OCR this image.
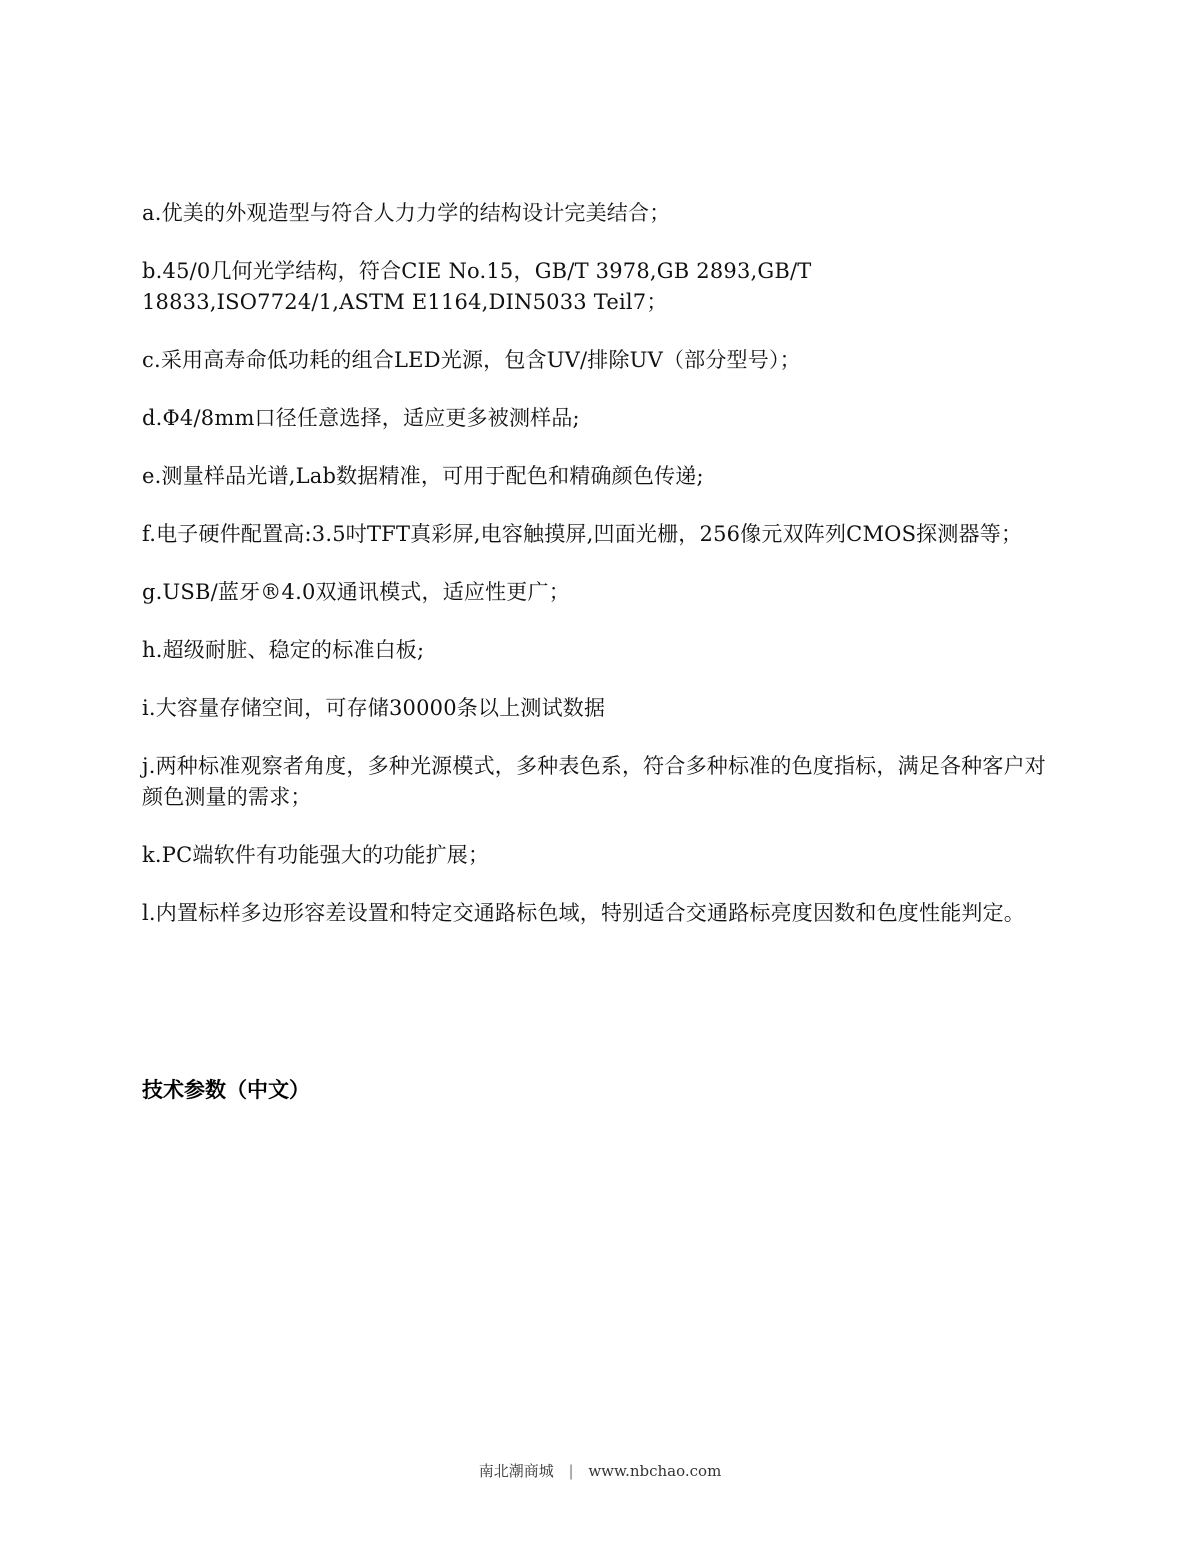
a.优美的外观造型与符合人力力学的结构设计完美结合；
b.45/0几何光学结构，符合CIE No.15，GB/T 3978,GB 2893,GB/T
18833,ISO7724/1,ASTM E1164,DIN5033 Teil7；
c.采用高寿命低功耗的组合LED光源，包含UV/排除UV（部分型号）；
d.Φ4/8mm口径任意选择，适应更多被测样品;
e.测量样品光谱,Lab数据精准，可用于配色和精确颜色传递;
f.电子硬件配置高:3.5吋TFT真彩屏,电容触摸屏,凹面光栅，256像元双阵列CMOS探测器等；
g.USB/蓝牙®4.0双通讯模式，适应性更广；
h.超级耐脏、稳定的标准白板;
i.大容量存储空间，可存储30000条以上测试数据
j.两种标准观察者角度，多种光源模式，多种表色系，符合多种标准的色度指标，满足各种客户对颜色测量的需求；
k.PC端软件有功能强大的功能扩展；
l.内置标样多边形容差设置和特定交通路标色域，特别适合交通路标亮度因数和色度性能判定。
技术参数（中文）
南北潮商城 | www.nbchao.com
